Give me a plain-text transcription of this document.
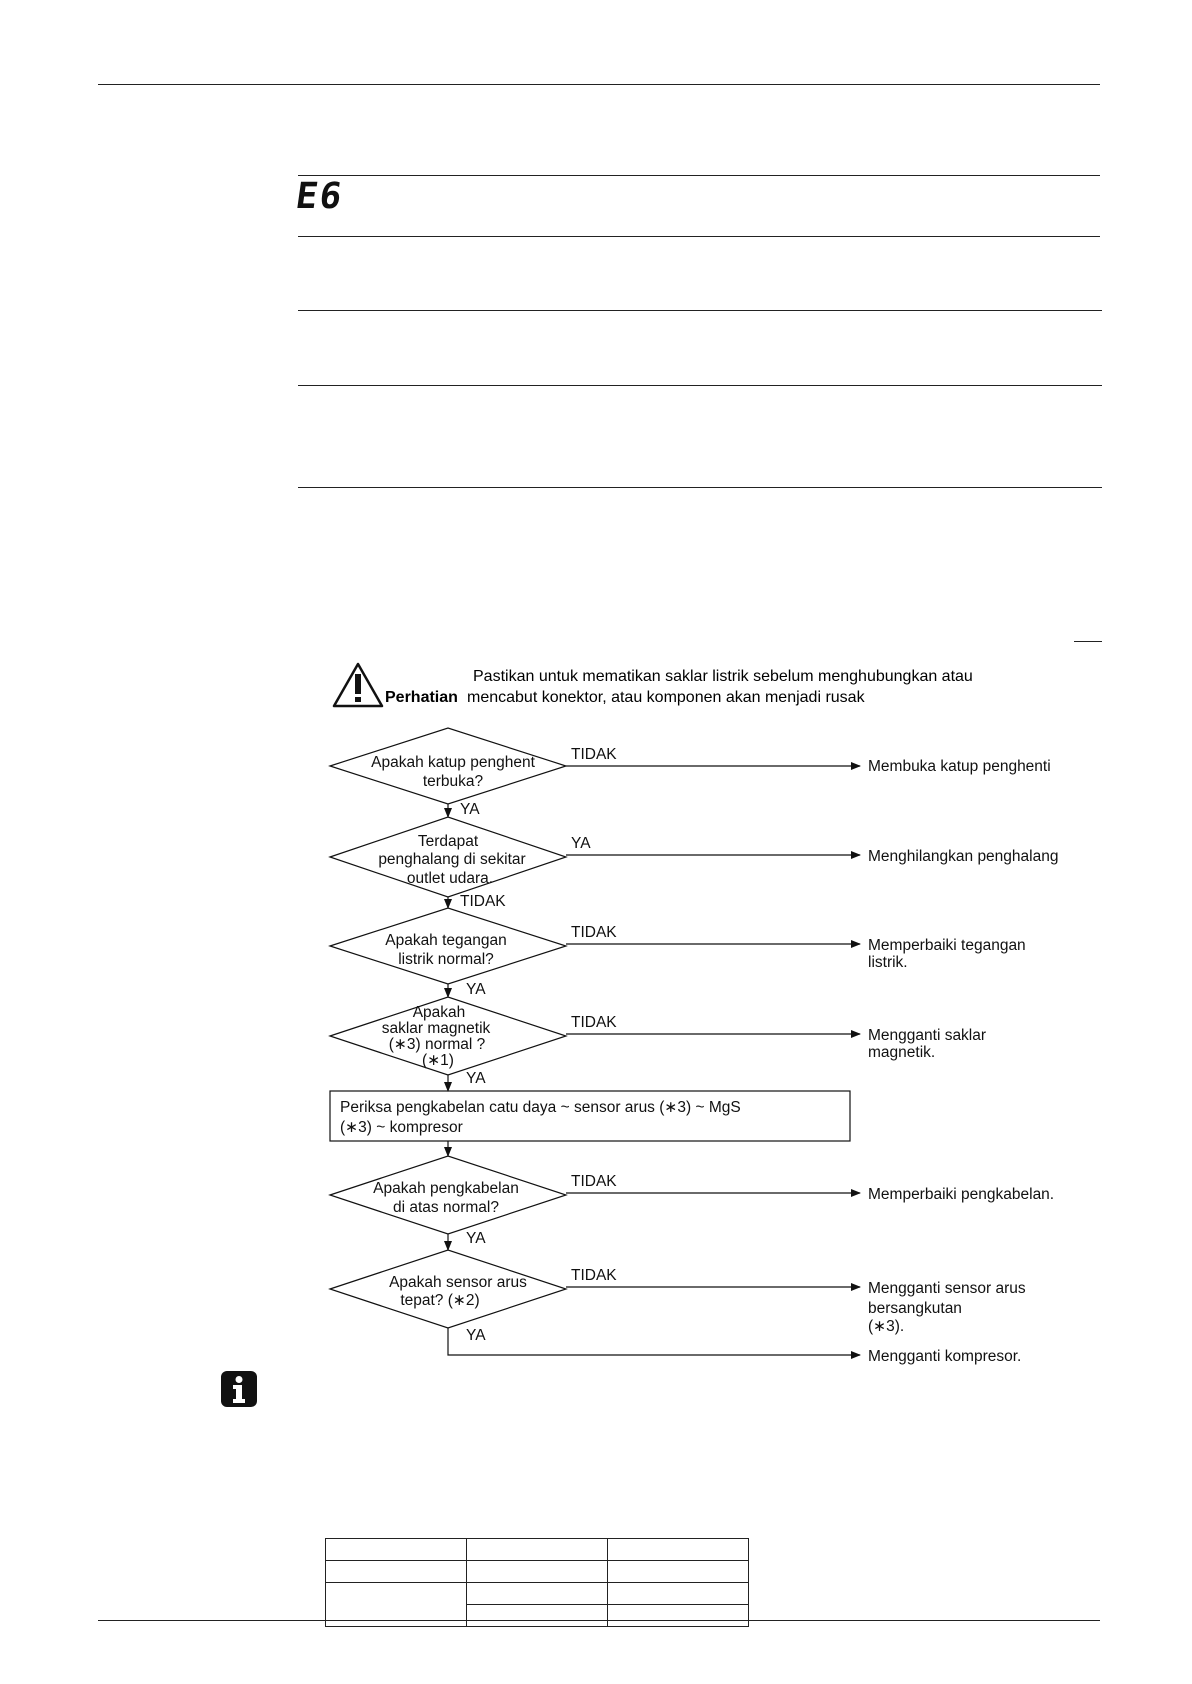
E6
Perhatian
Pastikan untuk mematikan saklar listrik sebelum menghubungkan atau
mencabut konektor, atau komponen akan menjadi rusak
Apakah katup penghent
terbuka?
Terdapat
penghalang di sekitar
outlet udara.
Apakah tegangan
listrik normal?
Apakah
saklar magnetik
(∗3) normal ?
(∗1)
Apakah pengkabelan
di atas normal?
Apakah sensor arus
tepat? (∗2)
Periksa pengkabelan catu daya ~ sensor arus (∗3) ~ MgS
(∗3) ~ kompresor
TIDAK
YA
TIDAK
TIDAK
TIDAK
TIDAK
YA
TIDAK
YA
YA
YA
YA
Membuka katup penghenti
Menghilangkan penghalang
Memperbaiki tegangan
listrik.
Mengganti saklar
magnetik.
Memperbaiki pengkabelan.
Mengganti sensor arus
bersangkutan
(∗3).
Mengganti kompresor.
